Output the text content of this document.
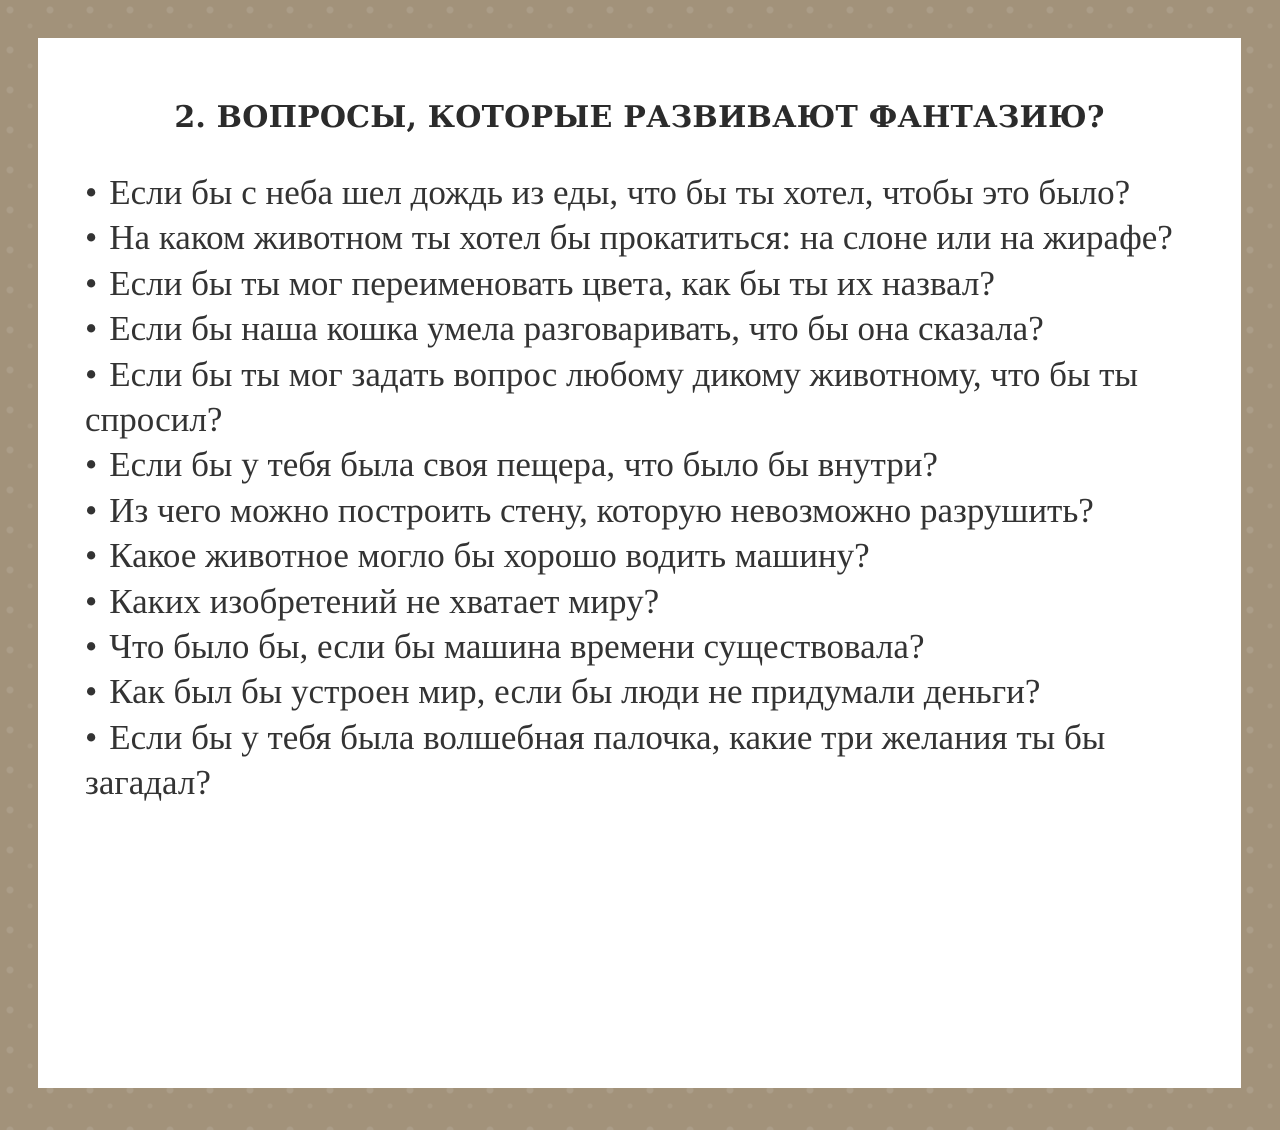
2. ВОПРОСЫ, КОТОРЫЕ РАЗВИВАЮТ ФАНТАЗИЮ?
• Если бы с неба шел дождь из еды, что бы ты хотел, чтобы это было?
• На каком животном ты хотел бы прокатиться: на слоне или на жирафе?
• Если бы ты мог переименовать цвета, как бы ты их назвал?
• Если бы наша кошка умела разговаривать, что бы она сказала?
• Если бы ты мог задать вопрос любому дикому животному, что бы ты спросил?
• Если бы у тебя была своя пещера, что было бы внутри?
• Из чего можно построить стену, которую невозможно разрушить?
• Какое животное могло бы хорошо водить машину?
• Каких изобретений не хватает миру?
• Что было бы, если бы машина времени существовала?
• Как был бы устроен мир, если бы люди не придумали деньги?
• Если бы у тебя была волшебная палочка, какие три желания ты бы загадал?
